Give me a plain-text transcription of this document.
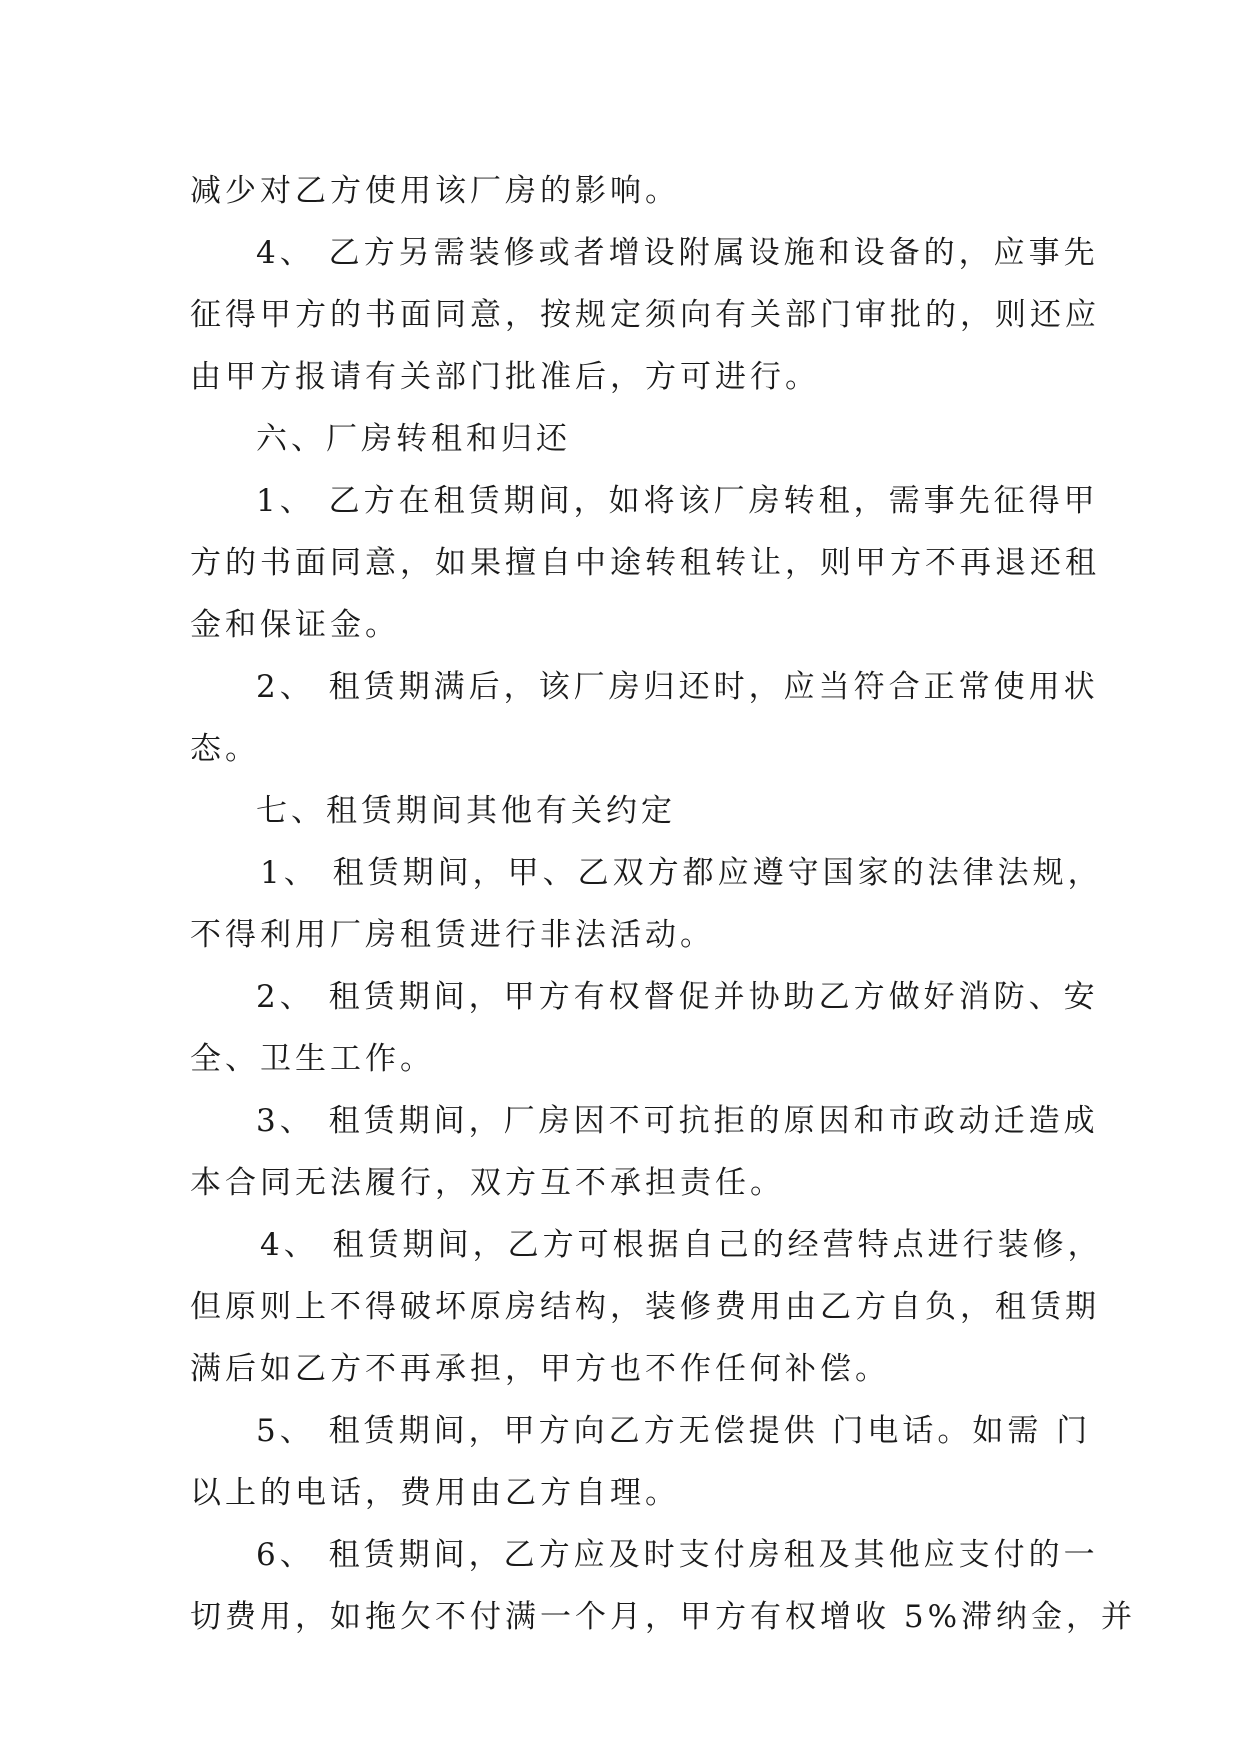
减少对乙方使用该厂房的影响。
4、 乙方另需装修或者增设附属设施和设备的，应事先
征得甲方的书面同意，按规定须向有关部门审批的，则还应
由甲方报请有关部门批准后，方可进行。
六、厂房转租和归还
1、 乙方在租赁期间，如将该厂房转租，需事先征得甲
方的书面同意，如果擅自中途转租转让，则甲方不再退还租
金和保证金。
2、 租赁期满后，该厂房归还时，应当符合正常使用状
态。
七、租赁期间其他有关约定
1、 租赁期间，甲、乙双方都应遵守国家的法律法规，
不得利用厂房租赁进行非法活动。
2、 租赁期间，甲方有权督促并协助乙方做好消防、安
全、卫生工作。
3、 租赁期间，厂房因不可抗拒的原因和市政动迁造成
本合同无法履行，双方互不承担责任。
4、 租赁期间，乙方可根据自己的经营特点进行装修，
但原则上不得破坏原房结构，装修费用由乙方自负，租赁期
满后如乙方不再承担，甲方也不作任何补偿。
5、 租赁期间，甲方向乙方无偿提供 门电话。如需 门
以上的电话，费用由乙方自理。
6、 租赁期间，乙方应及时支付房租及其他应支付的一
切费用，如拖欠不付满一个月，甲方有权增收 5%滞纳金，并
